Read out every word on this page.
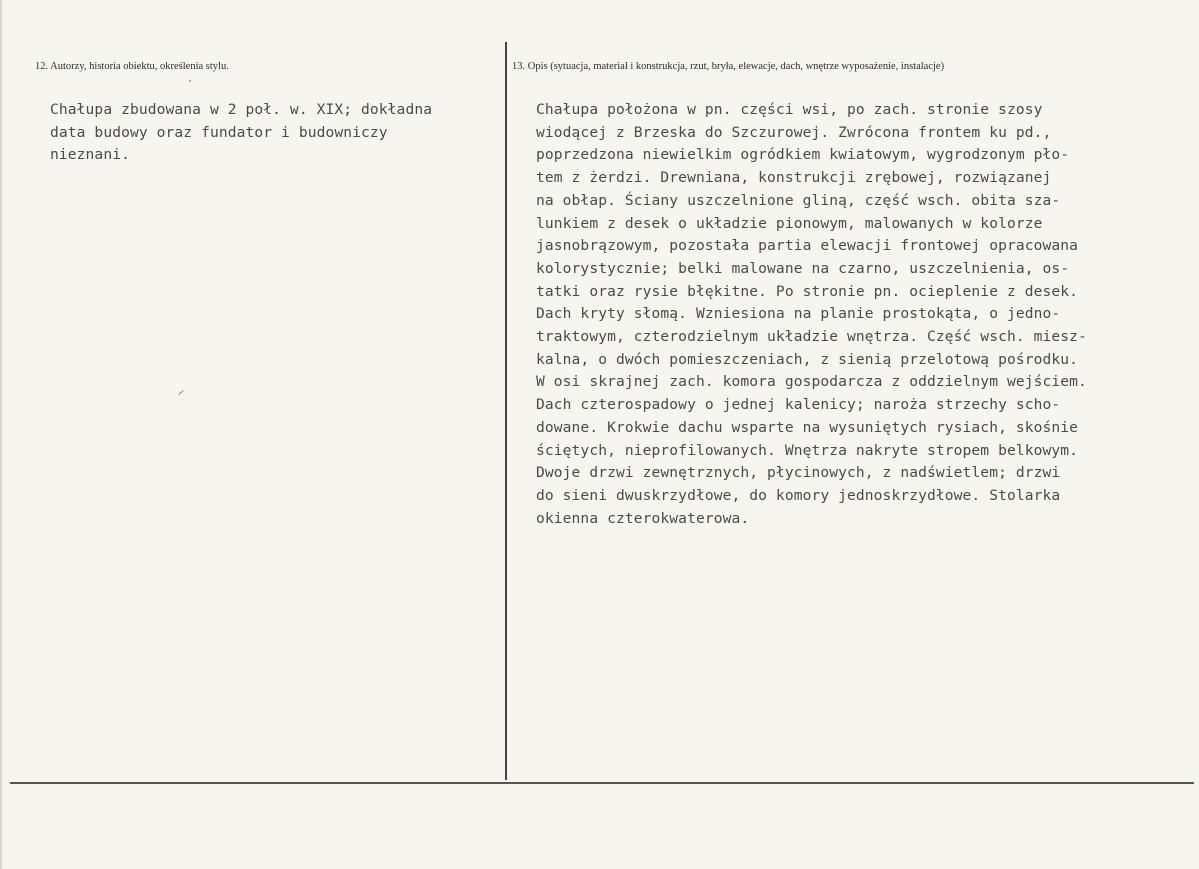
12. Autorzy, historia obiektu, określenia stylu.	13. Opis (sytuacja, materiał i konstrukcja, rzut, bryła, elewacje, dach, wnętrze wyposażenie, instalacje)
Chałupa zbudowana w 2 poł. w. XIX; dokładna
data budowy oraz fundator i budowniczy
nieznani.
Chałupa położona w pn. części wsi, po zach. stronie szosy
wiodącej z Brzeska do Szczurowej. Zwrócona frontem ku pd.,
poprzedzona niewielkim ogródkiem kwiatowym, wygrodzonym pło-
tem z żerdzi. Drewniana, konstrukcji zrębowej, rozwiązanej
na obłap. Ściany uszczelnione gliną, część wsch. obita sza-
lunkiem z desek o układzie pionowym, malowanych w kolorze
jasnobrązowym, pozostała partia elewacji frontowej opracowana
kolorystycznie; belki malowane na czarno, uszczelnienia, os-
tatki oraz rysie błękitne. Po stronie pn. ocieplenie z desek.
Dach kryty słomą. Wzniesiona na planie prostokąta, o jedno-
traktowym, czterodzielnym układzie wnętrza. Część wsch. miesz-
kalna, o dwóch pomieszczeniach, z sienią przelotową pośrodku.
W osi skrajnej zach. komora gospodarcza z oddzielnym wejściem.
Dach czterospadowy o jednej kalenicy; naroża strzechy scho-
dowane. Krokwie dachu wsparte na wysuniętych rysiach, skośnie
ściętych, nieprofilowanych. Wnętrza nakryte stropem belkowym.
Dwoje drzwi zewnętrznych, płycinowych, z nadświetlem; drzwi
do sieni dwuskrzydłowe, do komory jednoskrzydłowe. Stolarka
okienna czterokwaterowa.
